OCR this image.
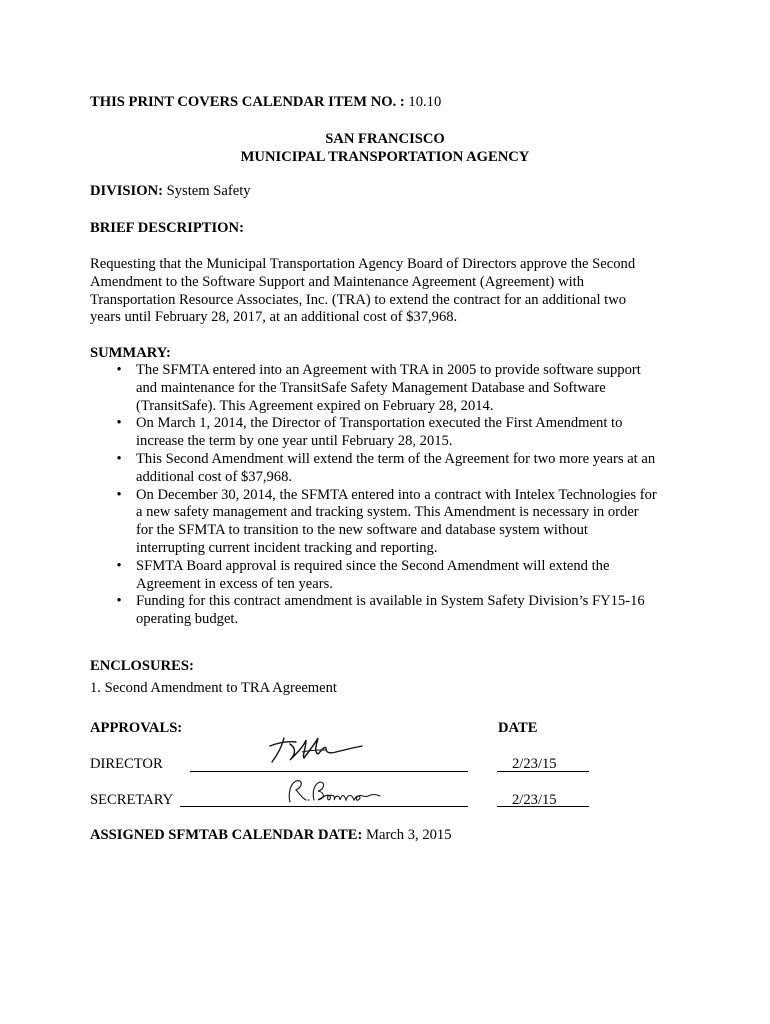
THIS PRINT COVERS CALENDAR ITEM NO. : 10.10
SAN FRANCISCO
MUNICIPAL TRANSPORTATION AGENCY
DIVISION: System Safety
BRIEF DESCRIPTION:
Requesting that the Municipal Transportation Agency Board of Directors approve the Second
Amendment to the Software Support and Maintenance Agreement (Agreement) with
Transportation Resource Associates, Inc. (TRA) to extend the contract for an additional two
years until February 28, 2017, at an additional cost of $37,968.
SUMMARY:
• The SFMTA entered into an Agreement with TRA in 2005 to provide software support
and maintenance for the TransitSafe Safety Management Database and Software
(TransitSafe). This Agreement expired on February 28, 2014.
• On March 1, 2014, the Director of Transportation executed the First Amendment to
increase the term by one year until February 28, 2015.
• This Second Amendment will extend the term of the Agreement for two more years at an
additional cost of $37,968.
• On December 30, 2014, the SFMTA entered into a contract with Intelex Technologies for
a new safety management and tracking system. This Amendment is necessary in order
for the SFMTA to transition to the new software and database system without
interrupting current incident tracking and reporting.
• SFMTA Board approval is required since the Second Amendment will extend the
Agreement in excess of ten years.
• Funding for this contract amendment is available in System Safety Division’s FY15-16
operating budget.
ENCLOSURES:
1. Second Amendment to TRA Agreement
APPROVALS:	DATE
DIRECTOR	2/23/15
SECRETARY	2/23/15
ASSIGNED SFMTAB CALENDAR DATE: March 3, 2015
